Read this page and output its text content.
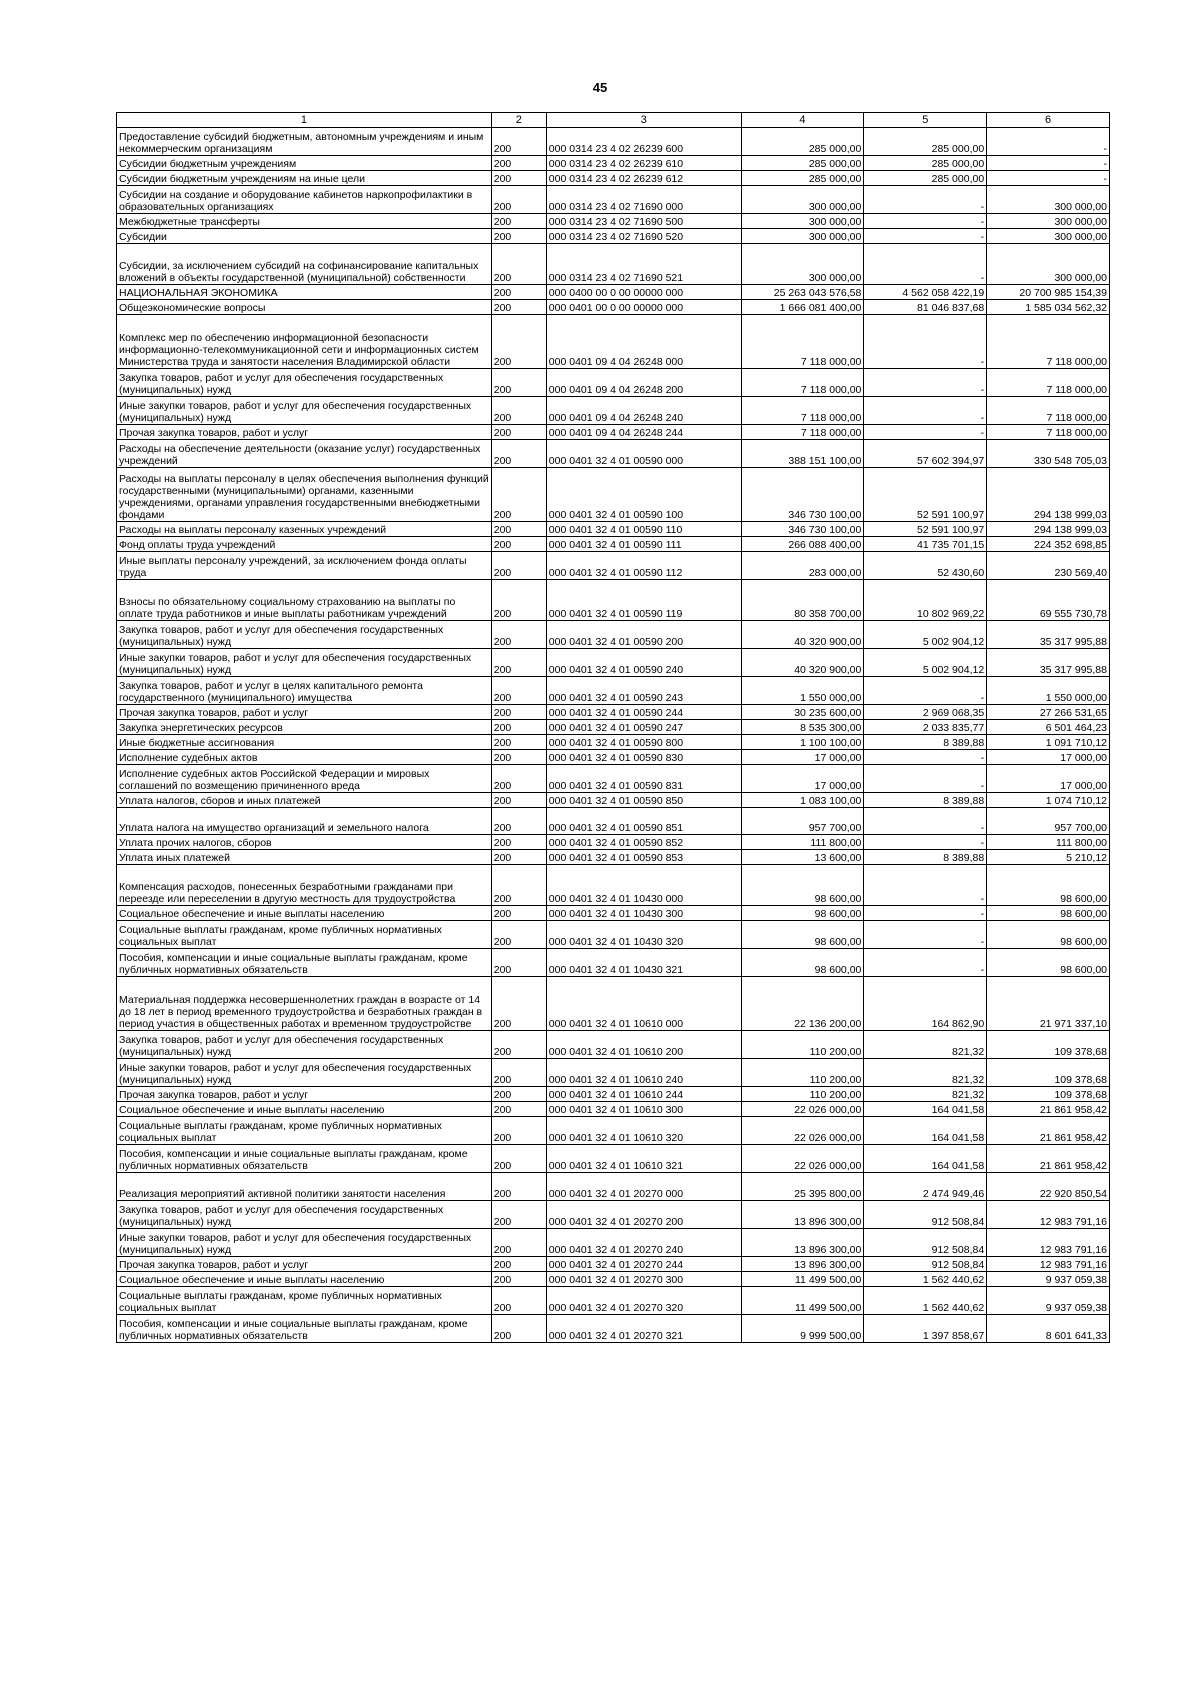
45
1	2	3	4	5	6
Предоставление субсидий бюджетным, автономным учреждениям и иным некоммерческим организациям	200	000 0314 23 4 02 26239 600	285 000,00	285 000,00	-
Субсидии бюджетным учреждениям	200	000 0314 23 4 02 26239 610	285 000,00	285 000,00	-
Субсидии бюджетным учреждениям на иные цели	200	000 0314 23 4 02 26239 612	285 000,00	285 000,00	-
Субсидии на создание и оборудование кабинетов наркопрофилактики в образовательных организациях	200	000 0314 23 4 02 71690 000	300 000,00	-	300 000,00
Межбюджетные трансферты	200	000 0314 23 4 02 71690 500	300 000,00	-	300 000,00
Субсидии	200	000 0314 23 4 02 71690 520	300 000,00	-	300 000,00
Субсидии, за исключением субсидий на софинансирование капитальных вложений в объекты государственной (муниципальной) собственности	200	000 0314 23 4 02 71690 521	300 000,00	-	300 000,00
НАЦИОНАЛЬНАЯ ЭКОНОМИКА	200	000 0400 00 0 00 00000 000	25 263 043 576,58	4 562 058 422,19	20 700 985 154,39
Общеэкономические вопросы	200	000 0401 00 0 00 00000 000	1 666 081 400,00	81 046 837,68	1 585 034 562,32
Комплекс мер по обеспечению информационной безопасности информационно-телекоммуникационной сети и информационных систем Министерства труда и занятости населения Владимирской области	200	000 0401 09 4 04 26248 000	7 118 000,00	-	7 118 000,00
Закупка товаров, работ и услуг для обеспечения государственных (муниципальных) нужд	200	000 0401 09 4 04 26248 200	7 118 000,00	-	7 118 000,00
Иные закупки товаров, работ и услуг для обеспечения государственных (муниципальных) нужд	200	000 0401 09 4 04 26248 240	7 118 000,00	-	7 118 000,00
Прочая закупка товаров, работ и услуг	200	000 0401 09 4 04 26248 244	7 118 000,00	-	7 118 000,00
Расходы на обеспечение деятельности (оказание услуг) государственных учреждений	200	000 0401 32 4 01 00590 000	388 151 100,00	57 602 394,97	330 548 705,03
Расходы на выплаты персоналу в целях обеспечения выполнения функций государственными (муниципальными) органами, казенными учреждениями, органами управления государственными внебюджетными фондами	200	000 0401 32 4 01 00590 100	346 730 100,00	52 591 100,97	294 138 999,03
Расходы на выплаты персоналу казенных учреждений	200	000 0401 32 4 01 00590 110	346 730 100,00	52 591 100,97	294 138 999,03
Фонд оплаты труда учреждений	200	000 0401 32 4 01 00590 111	266 088 400,00	41 735 701,15	224 352 698,85
Иные выплаты персоналу учреждений, за исключением фонда оплаты труда	200	000 0401 32 4 01 00590 112	283 000,00	52 430,60	230 569,40
Взносы по обязательному социальному страхованию на выплаты по оплате труда работников и иные выплаты работникам учреждений	200	000 0401 32 4 01 00590 119	80 358 700,00	10 802 969,22	69 555 730,78
Закупка товаров, работ и услуг для обеспечения государственных (муниципальных) нужд	200	000 0401 32 4 01 00590 200	40 320 900,00	5 002 904,12	35 317 995,88
Иные закупки товаров, работ и услуг для обеспечения государственных (муниципальных) нужд	200	000 0401 32 4 01 00590 240	40 320 900,00	5 002 904,12	35 317 995,88
Закупка товаров, работ и услуг в целях капитального ремонта государственного (муниципального) имущества	200	000 0401 32 4 01 00590 243	1 550 000,00	-	1 550 000,00
Прочая закупка товаров, работ и услуг	200	000 0401 32 4 01 00590 244	30 235 600,00	2 969 068,35	27 266 531,65
Закупка энергетических ресурсов	200	000 0401 32 4 01 00590 247	8 535 300,00	2 033 835,77	6 501 464,23
Иные бюджетные ассигнования	200	000 0401 32 4 01 00590 800	1 100 100,00	8 389,88	1 091 710,12
Исполнение судебных актов	200	000 0401 32 4 01 00590 830	17 000,00	-	17 000,00
Исполнение судебных актов Российской Федерации и мировых соглашений по возмещению причиненного вреда	200	000 0401 32 4 01 00590 831	17 000,00	-	17 000,00
Уплата налогов, сборов и иных платежей	200	000 0401 32 4 01 00590 850	1 083 100,00	8 389,88	1 074 710,12
Уплата налога на имущество организаций и земельного налога	200	000 0401 32 4 01 00590 851	957 700,00	-	957 700,00
Уплата прочих налогов, сборов	200	000 0401 32 4 01 00590 852	111 800,00	-	111 800,00
Уплата иных платежей	200	000 0401 32 4 01 00590 853	13 600,00	8 389,88	5 210,12
Компенсация расходов, понесенных безработными гражданами при переезде или переселении в другую местность для трудоустройства	200	000 0401 32 4 01 10430 000	98 600,00	-	98 600,00
Социальное обеспечение и иные выплаты населению	200	000 0401 32 4 01 10430 300	98 600,00	-	98 600,00
Социальные выплаты гражданам, кроме публичных нормативных социальных выплат	200	000 0401 32 4 01 10430 320	98 600,00	-	98 600,00
Пособия, компенсации и иные социальные выплаты гражданам, кроме публичных нормативных обязательств	200	000 0401 32 4 01 10430 321	98 600,00	-	98 600,00
Материальная поддержка несовершеннолетних граждан в возрасте от 14 до 18 лет в период временного трудоустройства и безработных граждан в период участия в общественных работах и временном трудоустройстве	200	000 0401 32 4 01 10610 000	22 136 200,00	164 862,90	21 971 337,10
Закупка товаров, работ и услуг для обеспечения государственных (муниципальных) нужд	200	000 0401 32 4 01 10610 200	110 200,00	821,32	109 378,68
Иные закупки товаров, работ и услуг для обеспечения государственных (муниципальных) нужд	200	000 0401 32 4 01 10610 240	110 200,00	821,32	109 378,68
Прочая закупка товаров, работ и услуг	200	000 0401 32 4 01 10610 244	110 200,00	821,32	109 378,68
Социальное обеспечение и иные выплаты населению	200	000 0401 32 4 01 10610 300	22 026 000,00	164 041,58	21 861 958,42
Социальные выплаты гражданам, кроме публичных нормативных социальных выплат	200	000 0401 32 4 01 10610 320	22 026 000,00	164 041,58	21 861 958,42
Пособия, компенсации и иные социальные выплаты гражданам, кроме публичных нормативных обязательств	200	000 0401 32 4 01 10610 321	22 026 000,00	164 041,58	21 861 958,42
Реализация мероприятий активной политики занятости населения	200	000 0401 32 4 01 20270 000	25 395 800,00	2 474 949,46	22 920 850,54
Закупка товаров, работ и услуг для обеспечения государственных (муниципальных) нужд	200	000 0401 32 4 01 20270 200	13 896 300,00	912 508,84	12 983 791,16
Иные закупки товаров, работ и услуг для обеспечения государственных (муниципальных) нужд	200	000 0401 32 4 01 20270 240	13 896 300,00	912 508,84	12 983 791,16
Прочая закупка товаров, работ и услуг	200	000 0401 32 4 01 20270 244	13 896 300,00	912 508,84	12 983 791,16
Социальное обеспечение и иные выплаты населению	200	000 0401 32 4 01 20270 300	11 499 500,00	1 562 440,62	9 937 059,38
Социальные выплаты гражданам, кроме публичных нормативных социальных выплат	200	000 0401 32 4 01 20270 320	11 499 500,00	1 562 440,62	9 937 059,38
Пособия, компенсации и иные социальные выплаты гражданам, кроме публичных нормативных обязательств	200	000 0401 32 4 01 20270 321	9 999 500,00	1 397 858,67	8 601 641,33
